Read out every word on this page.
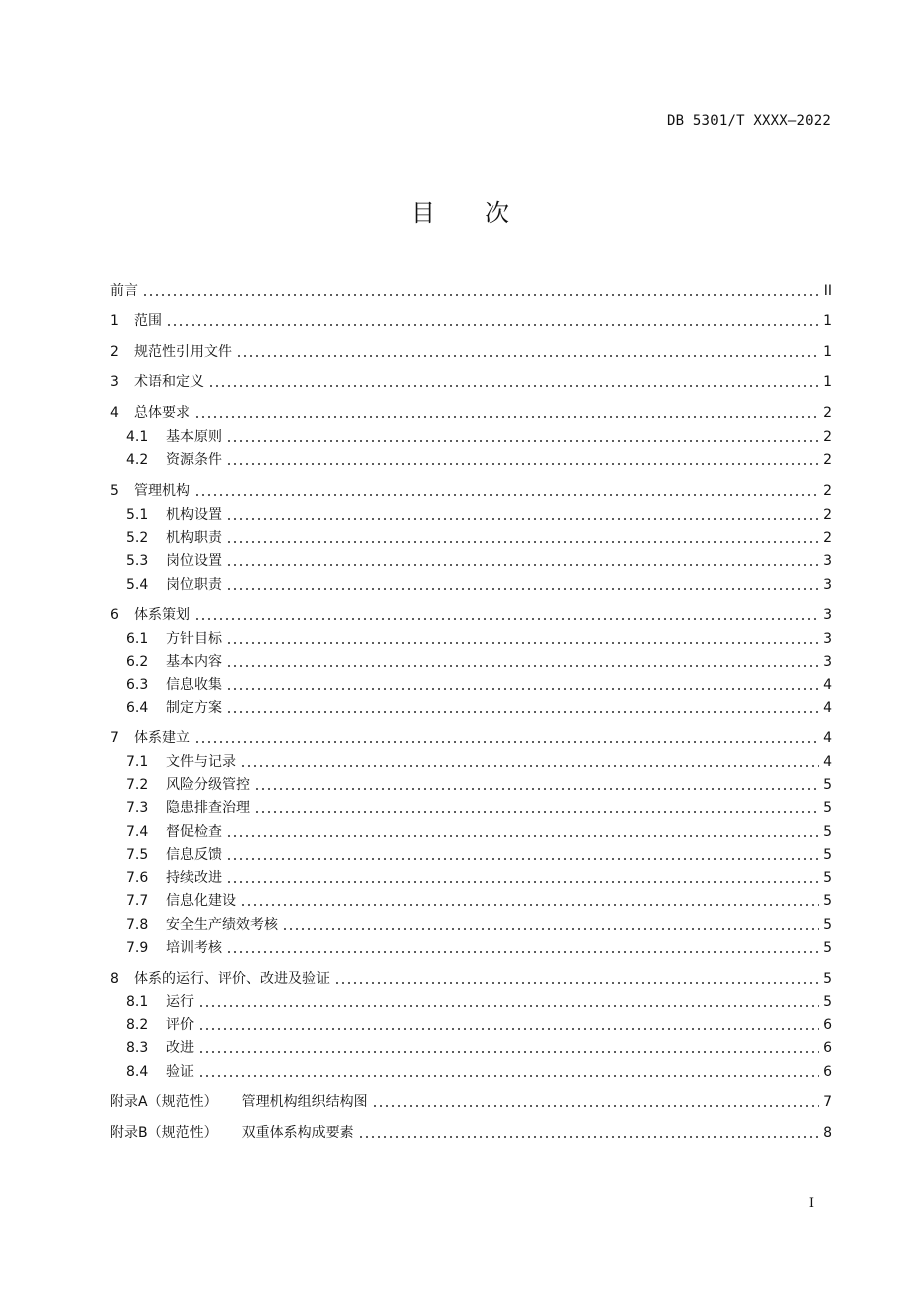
DB 5301/T XXXX—2022
目次
前言	II
1	范围	1
2	规范性引用文件	1
3	术语和定义	1
4	总体要求	2
4.1	基本原则	2
4.2	资源条件	2
5	管理机构	2
5.1	机构设置	2
5.2	机构职责	2
5.3	岗位设置	3
5.4	岗位职责	3
6	体系策划	3
6.1	方针目标	3
6.2	基本内容	3
6.3	信息收集	4
6.4	制定方案	4
7	体系建立	4
7.1	文件与记录	4
7.2	风险分级管控	5
7.3	隐患排查治理	5
7.4	督促检查	5
7.5	信息反馈	5
7.6	持续改进	5
7.7	信息化建设	5
7.8	安全生产绩效考核	5
7.9	培训考核	5
8	体系的运行、评价、改进及验证	5
8.1	运行	5
8.2	评价	6
8.3	改进	6
8.4	验证	6
附录A（规范性） 管理机构组织结构图	7
附录B（规范性） 双重体系构成要素	8
I
